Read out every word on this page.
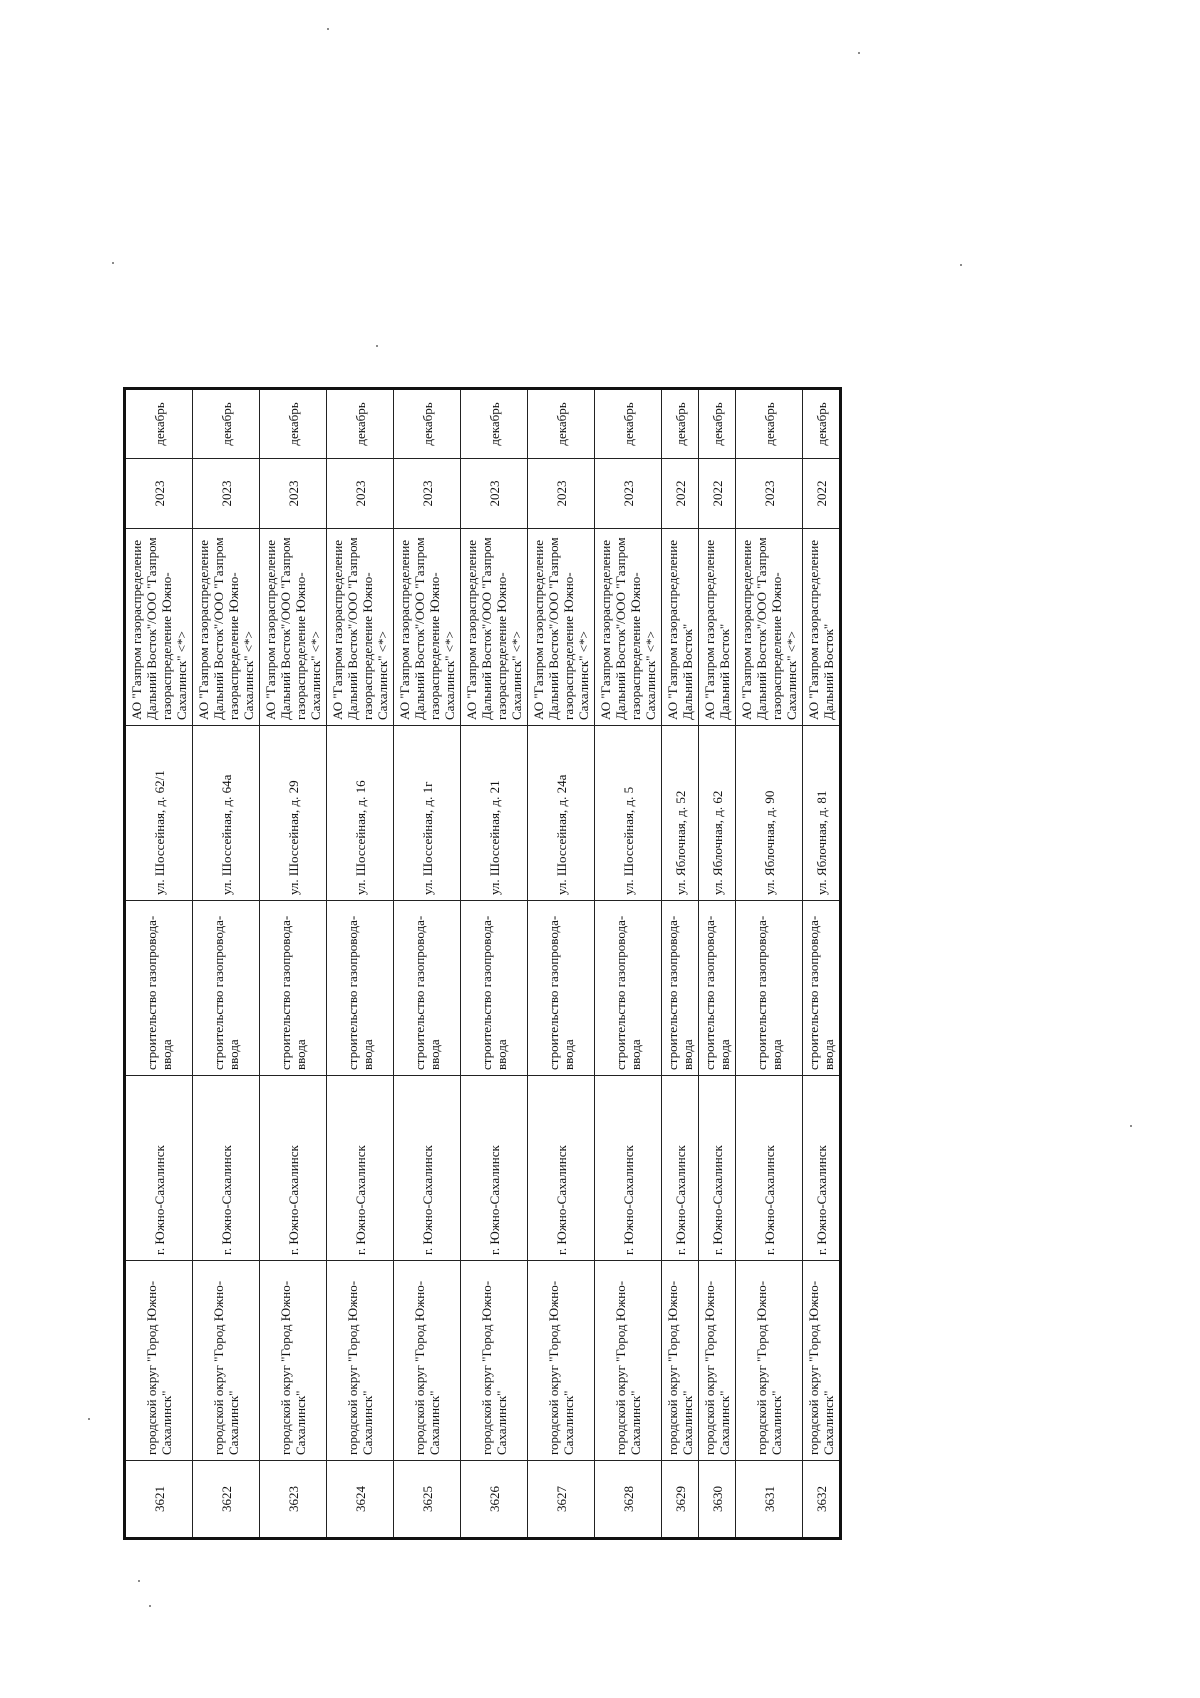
3621	городской округ "Город Южно-Сахалинск"	г. Южно-Сахалинск	строительство газопровода-ввода	ул. Шоссейная, д. 62/1	АО "Газпром газораспределение Дальний Восток"/ООО "Газпром газораспределение Южно-Сахалинск" <*>	2023	декабрь
3622	городской округ "Город Южно-Сахалинск"	г. Южно-Сахалинск	строительство газопровода-ввода	ул. Шоссейная, д. 64а	АО "Газпром газораспределение Дальний Восток"/ООО "Газпром газораспределение Южно-Сахалинск" <*>	2023	декабрь
3623	городской округ "Город Южно-Сахалинск"	г. Южно-Сахалинск	строительство газопровода-ввода	ул. Шоссейная, д. 29	АО "Газпром газораспределение Дальний Восток"/ООО "Газпром газораспределение Южно-Сахалинск" <*>	2023	декабрь
3624	городской округ "Город Южно-Сахалинск"	г. Южно-Сахалинск	строительство газопровода-ввода	ул. Шоссейная, д. 16	АО "Газпром газораспределение Дальний Восток"/ООО "Газпром газораспределение Южно-Сахалинск" <*>	2023	декабрь
3625	городской округ "Город Южно-Сахалинск"	г. Южно-Сахалинск	строительство газопровода-ввода	ул. Шоссейная, д. 1г	АО "Газпром газораспределение Дальний Восток"/ООО "Газпром газораспределение Южно-Сахалинск" <*>	2023	декабрь
3626	городской округ "Город Южно-Сахалинск"	г. Южно-Сахалинск	строительство газопровода-ввода	ул. Шоссейная, д. 21	АО "Газпром газораспределение Дальний Восток"/ООО "Газпром газораспределение Южно-Сахалинск" <*>	2023	декабрь
3627	городской округ "Город Южно-Сахалинск"	г. Южно-Сахалинск	строительство газопровода-ввода	ул. Шоссейная, д. 24а	АО "Газпром газораспределение Дальний Восток"/ООО "Газпром газораспределение Южно-Сахалинск" <*>	2023	декабрь
3628	городской округ "Город Южно-Сахалинск"	г. Южно-Сахалинск	строительство газопровода-ввода	ул. Шоссейная, д. 5	АО "Газпром газораспределение Дальний Восток"/ООО "Газпром газораспределение Южно-Сахалинск" <*>	2023	декабрь
3629	городской округ "Город Южно-Сахалинск"	г. Южно-Сахалинск	строительство газопровода-ввода	ул. Яблочная, д. 52	АО "Газпром газораспределение Дальний Восток"	2022	декабрь
3630	городской округ "Город Южно-Сахалинск"	г. Южно-Сахалинск	строительство газопровода-ввода	ул. Яблочная, д. 62	АО "Газпром газораспределение Дальний Восток"	2022	декабрь
3631	городской округ "Город Южно-Сахалинск"	г. Южно-Сахалинск	строительство газопровода-ввода	ул. Яблочная, д. 90	АО "Газпром газораспределение Дальний Восток"/ООО "Газпром газораспределение Южно-Сахалинск" <*>	2023	декабрь
3632	городской округ "Город Южно-Сахалинск"	г. Южно-Сахалинск	строительство газопровода-ввода	ул. Яблочная, д. 81	АО "Газпром газораспределение Дальний Восток"	2022	декабрь
